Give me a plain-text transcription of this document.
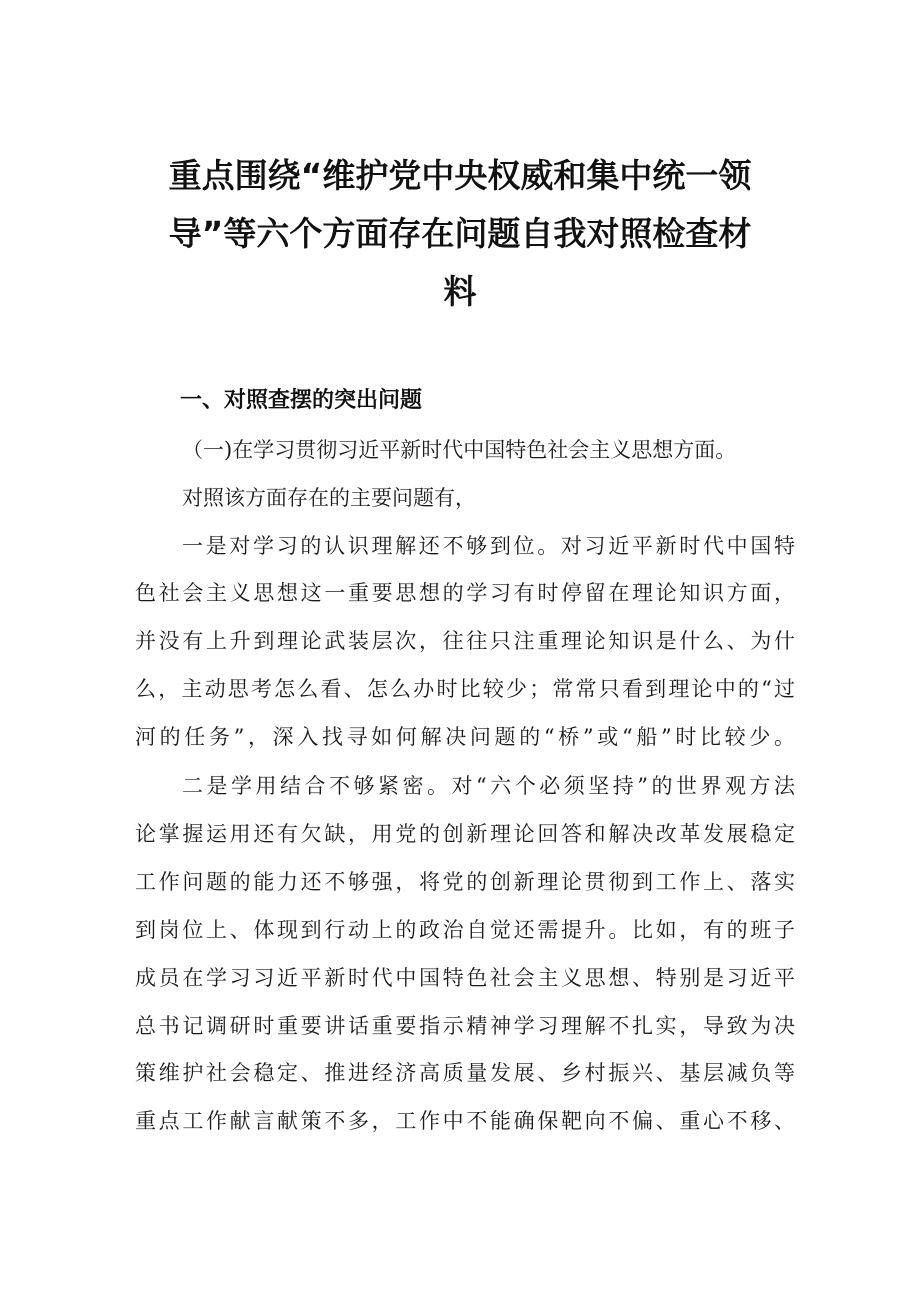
重点围绕“维护党中央权威和集中统一领
导”等六个方面存在问题自我对照检查材
料
一、对照查摆的突出问题

（一)在学习贯彻习近平新时代中国特色社会主义思想方面。

对照该方面存在的主要问题有，

一是对学习的认识理解还不够到位。对习近平新时代中国特

色社会主义思想这一重要思想的学习有时停留在理论知识方面，

并没有上升到理论武装层次，往往只注重理论知识是什么、为什

么，主动思考怎么看、怎么办时比较少；常常只看到理论中的“过

河的任务”，深入找寻如何解决问题的“桥”或“船”时比较少。

二是学用结合不够紧密。对“六个必须坚持”的世界观方法

论掌握运用还有欠缺，用党的创新理论回答和解决改革发展稳定

工作问题的能力还不够强，将党的创新理论贯彻到工作上、落实

到岗位上、体现到行动上的政治自觉还需提升。比如，有的班子

成员在学习习近平新时代中国特色社会主义思想、特别是习近平

总书记调研时重要讲话重要指示精神学习理解不扎实，导致为决

策维护社会稳定、推进经济高质量发展、乡村振兴、基层减负等

重点工作献言献策不多，工作中不能确保靶向不偏、重心不移、
